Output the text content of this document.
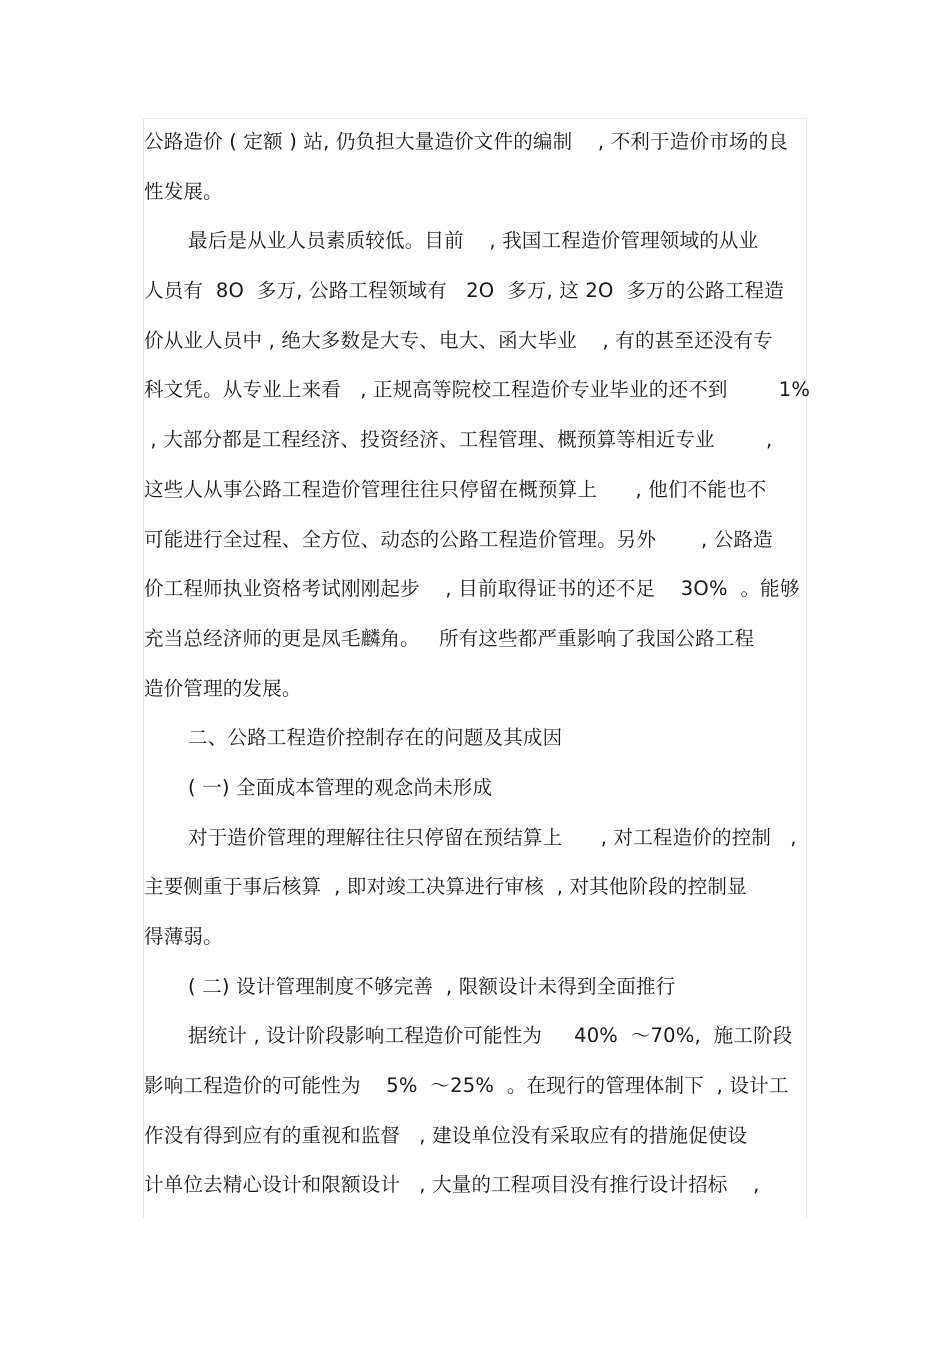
公路造价 ( 定额 ) 站, 仍负担大量造价文件的编制    , 不利于造价市场的良
性发展。
最后是从业人员素质较低。目前    , 我国工程造价管理领域的从业
人员有  8O  多万, 公路工程领域有   2O  多万, 这 2O  多万的公路工程造
价从业人员中 , 绝大多数是大专、电大、函大毕业    , 有的甚至还没有专
科文凭。从专业上来看   , 正规高等院校工程造价专业毕业的还不到        1%
, 大部分都是工程经济、投资经济、工程管理、概预算等相近专业        ,
这些人从事公路工程造价管理往往只停留在概预算上      , 他们不能也不
可能进行全过程、全方位、动态的公路工程造价管理。另外       , 公路造
价工程师执业资格考试刚刚起步    , 目前取得证书的还不足    3O%  。能够
充当总经济师的更是凤毛麟角。   所有这些都严重影响了我国公路工程
造价管理的发展。
二、公路工程造价控制存在的问题及其成因
( 一) 全面成本管理的观念尚未形成
对于造价管理的理解往往只停留在预结算上      , 对工程造价的控制   ,
主要侧重于事后核算  , 即对竣工决算进行审核  , 对其他阶段的控制显
得薄弱。
( 二) 设计管理制度不够完善  , 限额设计未得到全面推行
据统计 , 设计阶段影响工程造价可能性为     40%  ～70%,  施工阶段
影响工程造价的可能性为    5%  ～25%  。在现行的管理体制下  , 设计工
作没有得到应有的重视和监督   , 建设单位没有采取应有的措施促使设
计单位去精心设计和限额设计   , 大量的工程项目没有推行设计招标    ,
